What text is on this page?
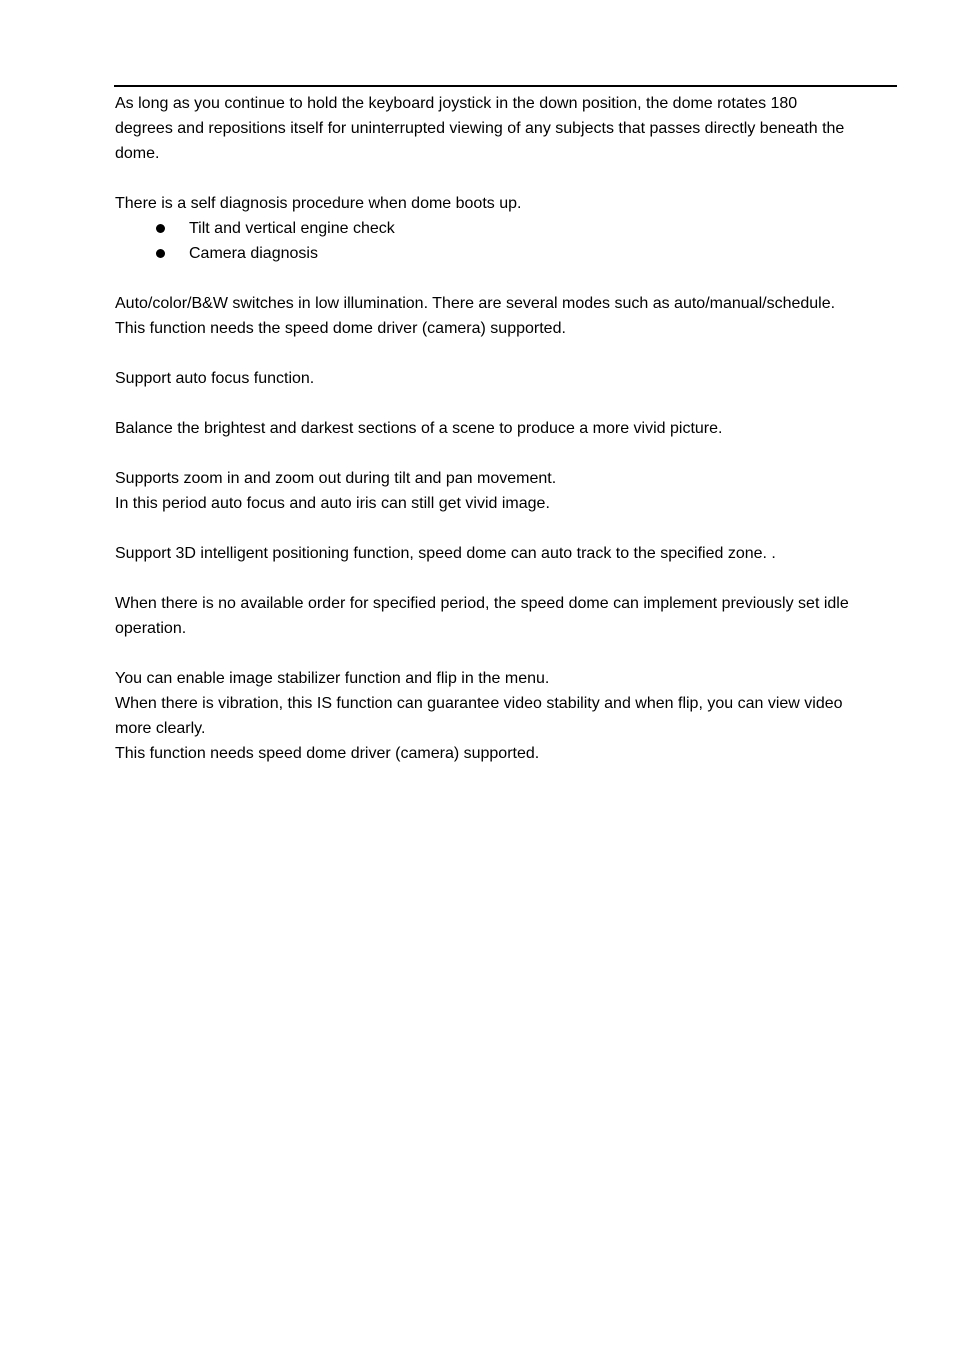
As long as you continue to hold the keyboard joystick in the down position, the dome rotates 180
degrees and repositions itself for uninterrupted viewing of any subjects that passes directly beneath the
dome.
There is a self diagnosis procedure when dome boots up.
Tilt and vertical engine check
Camera diagnosis
Auto/color/B&W switches in low illumination. There are several modes such as auto/manual/schedule.
This function needs the speed dome driver (camera) supported.
Support auto focus function.
Balance the brightest and darkest sections of a scene to produce a more vivid picture.
Supports zoom in and zoom out during tilt and pan movement.
In this period auto focus and auto iris can still get vivid image.
Support 3D intelligent positioning function, speed dome can auto track to the specified zone. .
When there is no available order for specified period, the speed dome can implement previously set idle
operation.
You can enable image stabilizer function and flip in the menu.
When there is vibration, this IS function can guarantee video stability and when flip, you can view video
more clearly.
This function needs speed dome driver (camera) supported.
